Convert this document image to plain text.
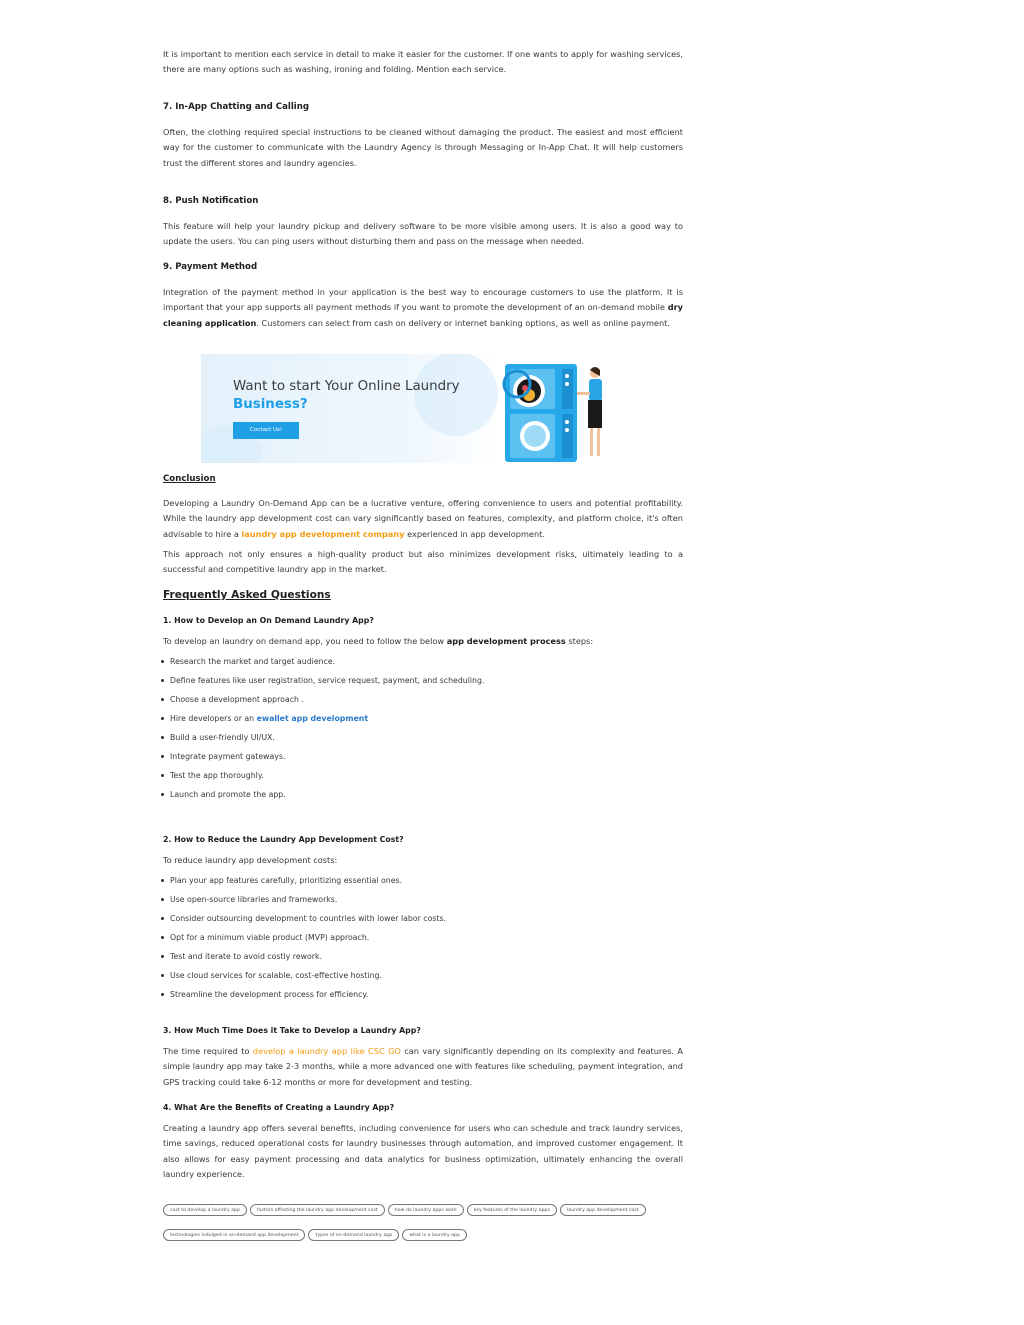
It is important to mention each service in detail to make it easier for the customer. If one wants to apply for washing services, there are many options such as washing, ironing and folding. Mention each service.

7. In-App Chatting and Calling

Often, the clothing required special instructions to be cleaned without damaging the product. The easiest and most efficient way for the customer to communicate with the Laundry Agency is through Messaging or In-App Chat. It will help customers trust the different stores and laundry agencies.

8. Push Notification

This feature will help your laundry pickup and delivery software to be more visible among users. It is also a good way to update the users. You can ping users without disturbing them and pass on the message when needed.

9. Payment Method

Integration of the payment method in your application is the best way to encourage customers to use the platform. It is important that your app supports all payment methods if you want to promote the development of an on-demand mobile dry cleaning application. Customers can select from cash on delivery or internet banking options, as well as online payment.

Want to start Your Online Laundry
Business?
Contact Us!
Conclusion

Developing a Laundry On-Demand App can be a lucrative venture, offering convenience to users and potential profitability. While the laundry app development cost can vary significantly based on features, complexity, and platform choice, it's often advisable to hire a laundry app development company experienced in app development.

This approach not only ensures a high-quality product but also minimizes development risks, ultimately leading to a successful and competitive laundry app in the market.

Frequently Asked Questions
1. How to Develop an On Demand Laundry App?

To develop an laundry on demand app, you need to follow the below app development process steps:

Research the market and target audience.
Define features like user registration, service request, payment, and scheduling.
Choose a development approach .
Hire developers or an ewallet app development
Build a user-friendly UI/UX.
Integrate payment gateways.
Test the app thoroughly.
Launch and promote the app.
2. How to Reduce the Laundry App Development Cost?

To reduce laundry app development costs:

Plan your app features carefully, prioritizing essential ones.
Use open-source libraries and frameworks.
Consider outsourcing development to countries with lower labor costs.
Opt for a minimum viable product (MVP) approach.
Test and iterate to avoid costly rework.
Use cloud services for scalable, cost-effective hosting.
Streamline the development process for efficiency.
3. How Much Time Does it Take to Develop a Laundry App?

The time required to develop a laundry app like CSC GO can vary significantly depending on its complexity and features. A simple laundry app may take 2-3 months, while a more advanced one with features like scheduling, payment integration, and GPS tracking could take 6-12 months or more for development and testing.

4. What Are the Benefits of Creating a Laundry App?

Creating a laundry app offers several benefits, including convenience for users who can schedule and track laundry services, time savings, reduced operational costs for laundry businesses through automation, and improved customer engagement. It also allows for easy payment processing and data analytics for business optimization, ultimately enhancing the overall laundry experience.

cost to develop a laundry app	factors affecting the laundry app development cost	how do laundry apps work	key features of the laundry apps	laundry app development cost
technologies indulged in on-demand app development	types of on-demand laundry app	what is a laundry app
